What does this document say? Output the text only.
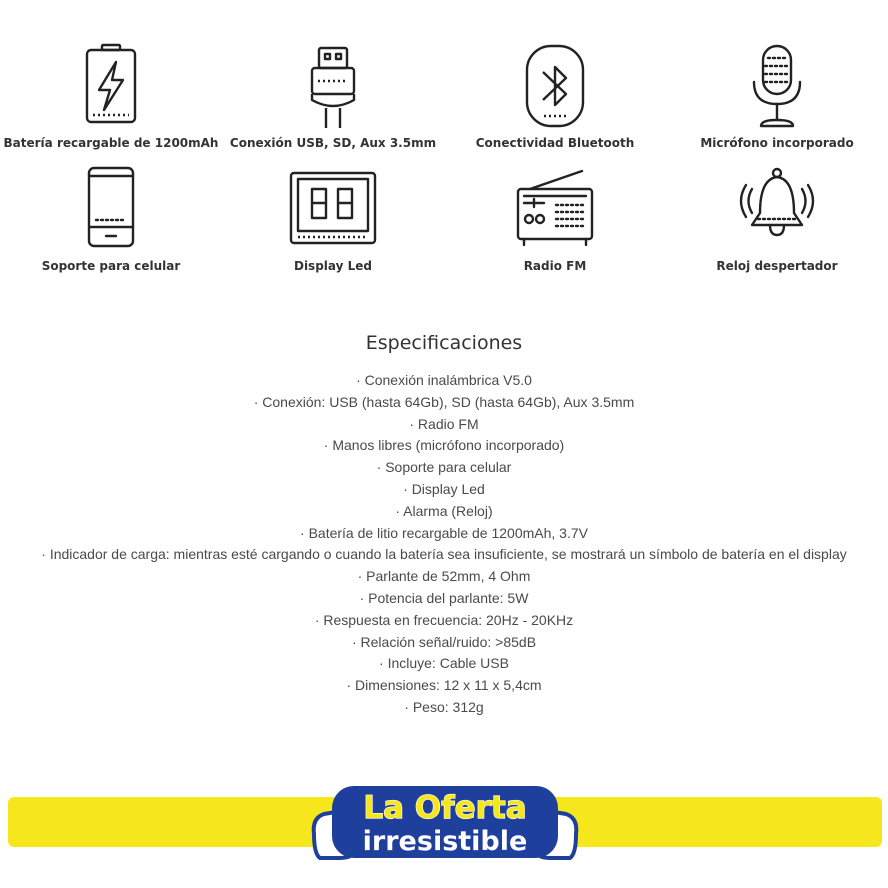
Batería recargable de 1200mAh Conexión USB, SD, Aux 3.5mm	Conectividad Bluetooth	Micrófono incorporado
Soporte para celular	Display Led	Radio FM	Reloj despertador
Especificaciones
· Conexión inalámbrica V5.0
· Conexión: USB (hasta 64Gb), SD (hasta 64Gb), Aux 3.5mm
· Radio FM
· Manos libres (micrófono incorporado)
· Soporte para celular
· Display Led
· Alarma (Reloj)
· Batería de litio recargable de 1200mAh, 3.7V
· Indicador de carga: mientras esté cargando o cuando la batería sea insuficiente, se mostrará un símbolo de batería en el display
· Parlante de 52mm, 4 Ohm
· Potencia del parlante: 5W
· Respuesta en frecuencia: 20Hz - 20KHz
· Relación señal/ruido: >85dB
· Incluye: Cable USB
· Dimensiones: 12 x 11 x 5,4cm
· Peso: 312g
La Oferta
irresistible
